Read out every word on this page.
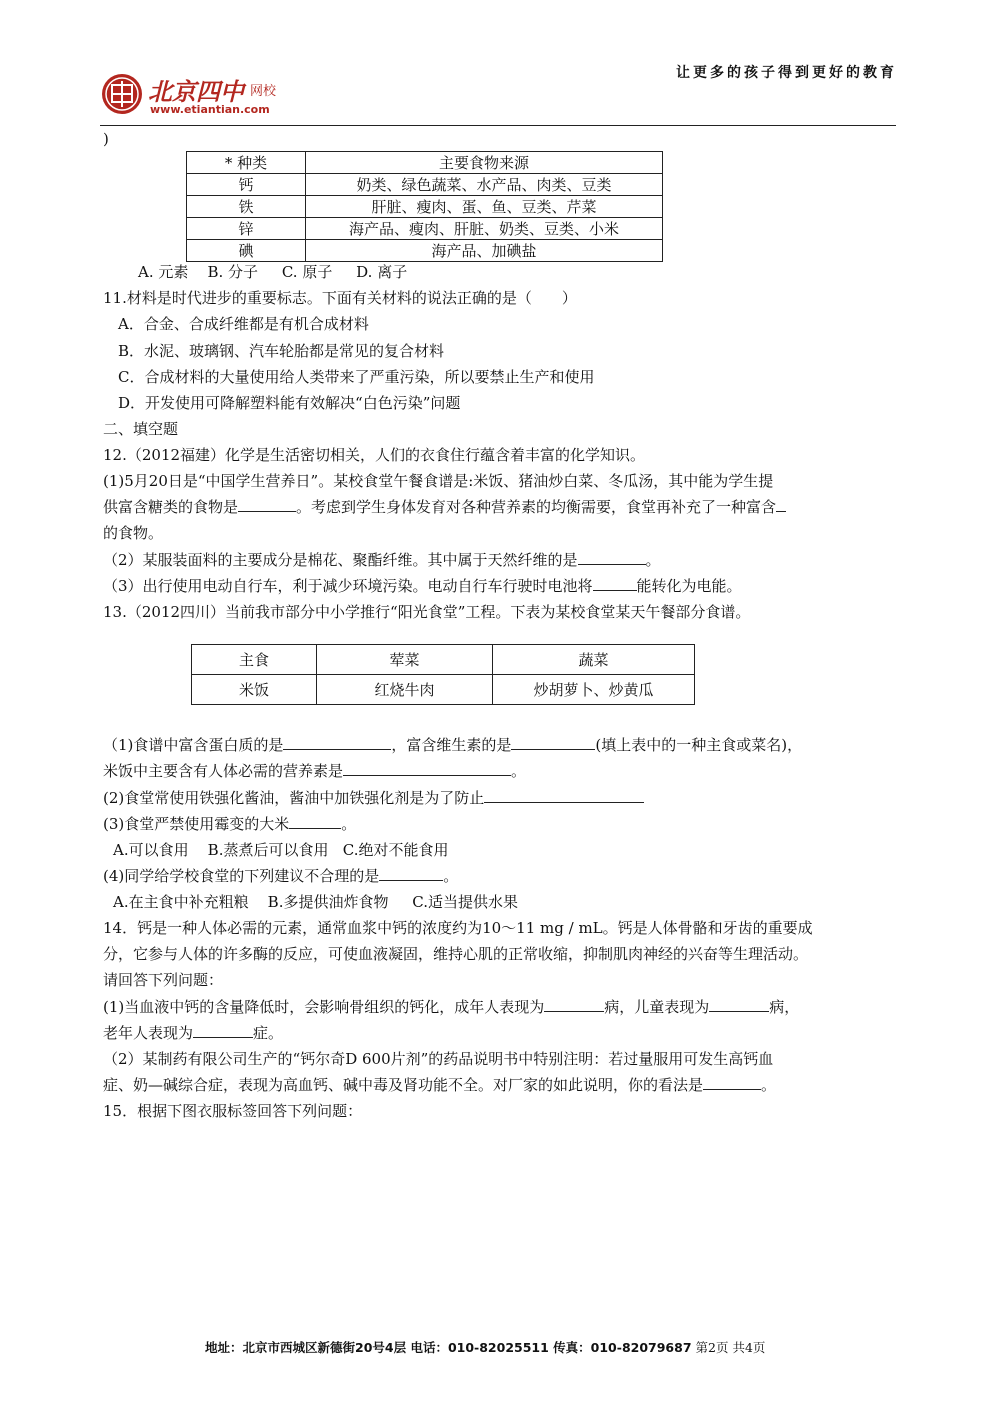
北京四中 网校
www.etiantian.com
让更多的孩子得到更好的教育
)
* 种类	主要食物来源
钙	奶类、绿色蔬菜、水产品、肉类、豆类
铁	肝脏、瘦肉、蛋、鱼、豆类、芹菜
锌	海产品、瘦肉、肝脏、奶类、豆类、小米
碘	海产品、加碘盐
A. 元素    B. 分子     C. 原子     D. 离子
11.材料是时代进步的重要标志。下面有关材料的说法正确的是（　　）
A．合金、合成纤维都是有机合成材料
B．水泥、玻璃钢、汽车轮胎都是常见的复合材料
C．合成材料的大量使用给人类带来了严重污染，所以要禁止生产和使用
D．开发使用可降解塑料能有效解决“白色污染”问题
二、填空题
12.（2012福建）化学是生活密切相关，人们的衣食住行蕴含着丰富的化学知识。
(1)5月20日是“中国学生营养日”。某校食堂午餐食谱是:米饭、猪油炒白菜、冬瓜汤，其中能为学生提
供富含糖类的食物是	。考虑到学生身体发育对各种营养素的均衡需要，食堂再补充了一种富含
的食物。
（2）某服装面料的主要成分是棉花、聚酯纤维。其中属于天然纤维的是	。
（3）出行使用电动自行车，利于减少环境污染。电动自行车行驶时电池将	能转化为电能。
13.（2012四川）当前我市部分中小学推行“阳光食堂”工程。下表为某校食堂某天午餐部分食谱。
主食	荤菜	蔬菜
米饭	红烧牛肉	炒胡萝卜、炒黄瓜
（1)食谱中富含蛋白质的是	，富含维生素的是	(填上表中的一种主食或菜名)，
米饭中主要含有人体必需的营养素是	。
(2)食堂常使用铁强化酱油，酱油中加铁强化剂是为了防止
(3)食堂严禁使用霉变的大米	。
A.可以食用    B.蒸煮后可以食用   C.绝对不能食用
(4)同学给学校食堂的下列建议不合理的是	。
A.在主食中补充粗粮    B.多提供油炸食物     C.适当提供水果
14．钙是一种人体必需的元素，通常血浆中钙的浓度约为10～11 mg / mL。钙是人体骨骼和牙齿的重要成
分，它参与人体的许多酶的反应，可使血液凝固，维持心肌的正常收缩，抑制肌肉神经的兴奋等生理活动。
请回答下列问题：
(1)当血液中钙的含量降低时，会影响骨组织的钙化，成年人表现为	病，儿童表现为	病，
老年人表现为	症。
（2）某制药有限公司生产的“钙尔奇D 600片剂”的药品说明书中特别注明：若过量服用可发生高钙血
症、奶—碱综合症，表现为高血钙、碱中毒及肾功能不全。对厂家的如此说明，你的看法是	。
15．根据下图衣服标签回答下列问题：
地址：北京市西城区新德街20号4层 电话：010-82025511 传真：010-82079687 第2页 共4页
